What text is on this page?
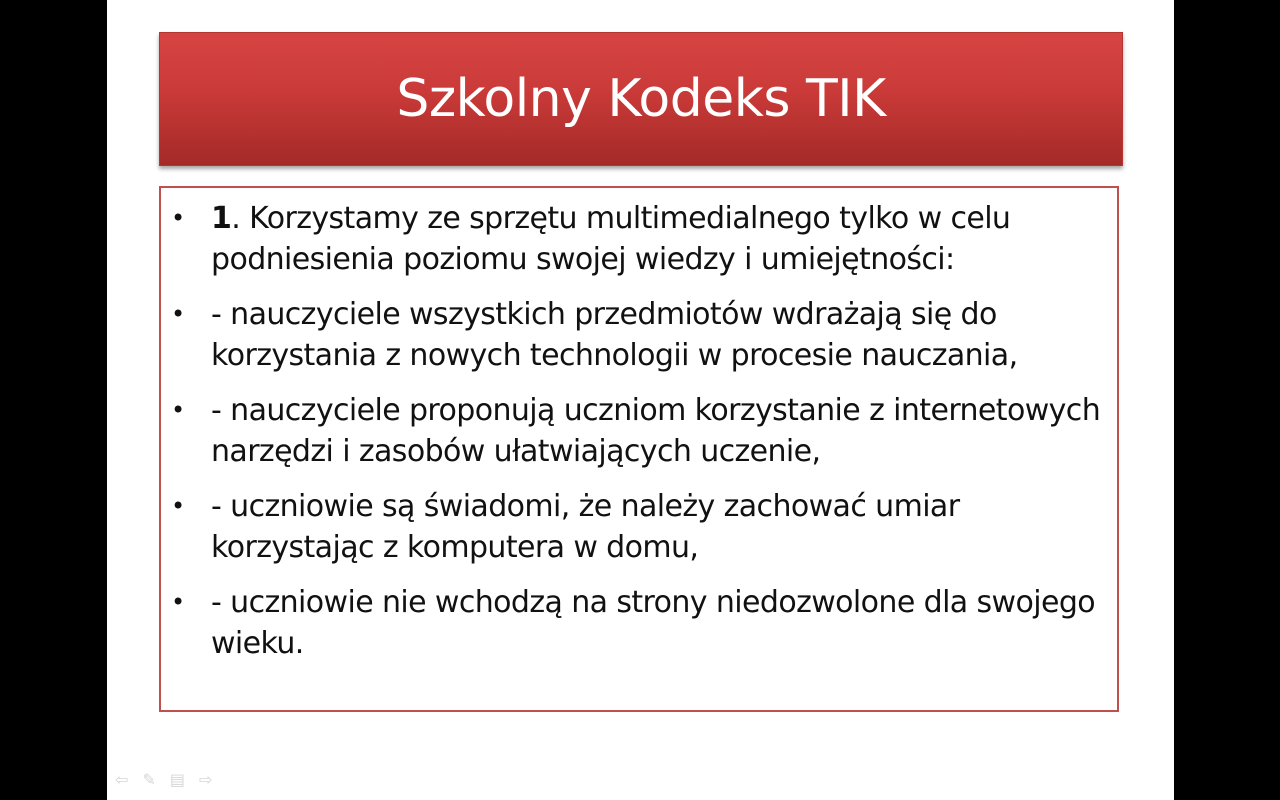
Szkolny Kodeks TIK
• 1. Korzystamy ze sprzętu multimedialnego tylko w celu podniesienia poziomu swojej wiedzy i umiejętności:
• - nauczyciele wszystkich przedmiotów wdrażają się do korzystania z nowych technologii w procesie nauczania,
• - nauczyciele proponują uczniom korzystanie z internetowych narzędzi i zasobów ułatwiających uczenie,
• - uczniowie są świadomi, że należy zachować umiar korzystając z komputera w domu,
• - uczniowie nie wchodzą na strony niedozwolone dla swojego wieku.
⇦ ✎ ▤ ⇨
